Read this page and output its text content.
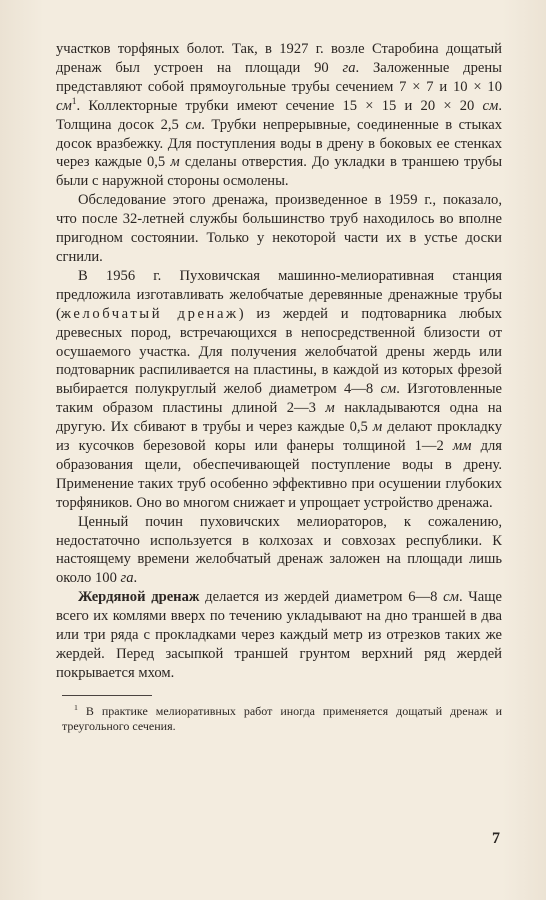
участков торфяных болот. Так, в 1927 г. возле Старобина дощатый дренаж был устроен на площади 90 га. Заложенные дрены представляют собой прямоугольные трубы сечением 7 × 7 и 10 × 10 $см^1$. Коллекторные трубки имеют сечение 15 × 15 и 20 × 20 см. Толщина досок 2,5 см. Трубки непрерывные, соединенные в стыках досок вразбежку. Для поступления воды в дрену в боковых ее стенках через каждые 0,5 м сделаны отверстия. До укладки в траншею трубы были с наружной стороны осмолены.

Обследование этого дренажа, произведенное в 1959 г., показало, что после 32-летней службы большинство труб находилось во вполне пригодном состоянии. Только у некоторой части их в устье доски сгнили.

В 1956 г. Пуховичская машинно-мелиоративная станция предложила изготавливать желобчатые деревянные дренажные трубы (желобчатый дренаж) из жердей и подтоварника любых древесных пород, встречающихся в непосредственной близости от осушаемого участка. Для получения желобчатой дрены жердь или подтоварник распиливается на пластины, в каждой из которых фрезой выбирается полукруглый желоб диаметром 4—8 см. Изготовленные таким образом пластины длиной 2—3 м накладываются одна на другую. Их сбивают в трубы и через каждые 0,5 м делают прокладку из кусочков березовой коры или фанеры толщиной 1—2 мм для образования щели, обеспечивающей поступление воды в дрену. Применение таких труб особенно эффективно при осушении глубоких торфяников. Оно во многом снижает и упрощает устройство дренажа.

Ценный почин пуховичских мелиораторов, к сожалению, недостаточно используется в колхозах и совхозах республики. К настоящему времени желобчатый дренаж заложен на площади лишь около 100 га.

Жердяной дренаж делается из жердей диаметром 6—8 см. Чаще всего их комлями вверх по течению укладывают на дно траншей в два или три ряда с прокладками через каждый метр из отрезков таких же жердей. Перед засыпкой траншей грунтом верхний ряд жердей покрывается мхом.

$^1$ В практике мелиоративных работ иногда применяется дощатый дренаж и треугольного сечения.

7
